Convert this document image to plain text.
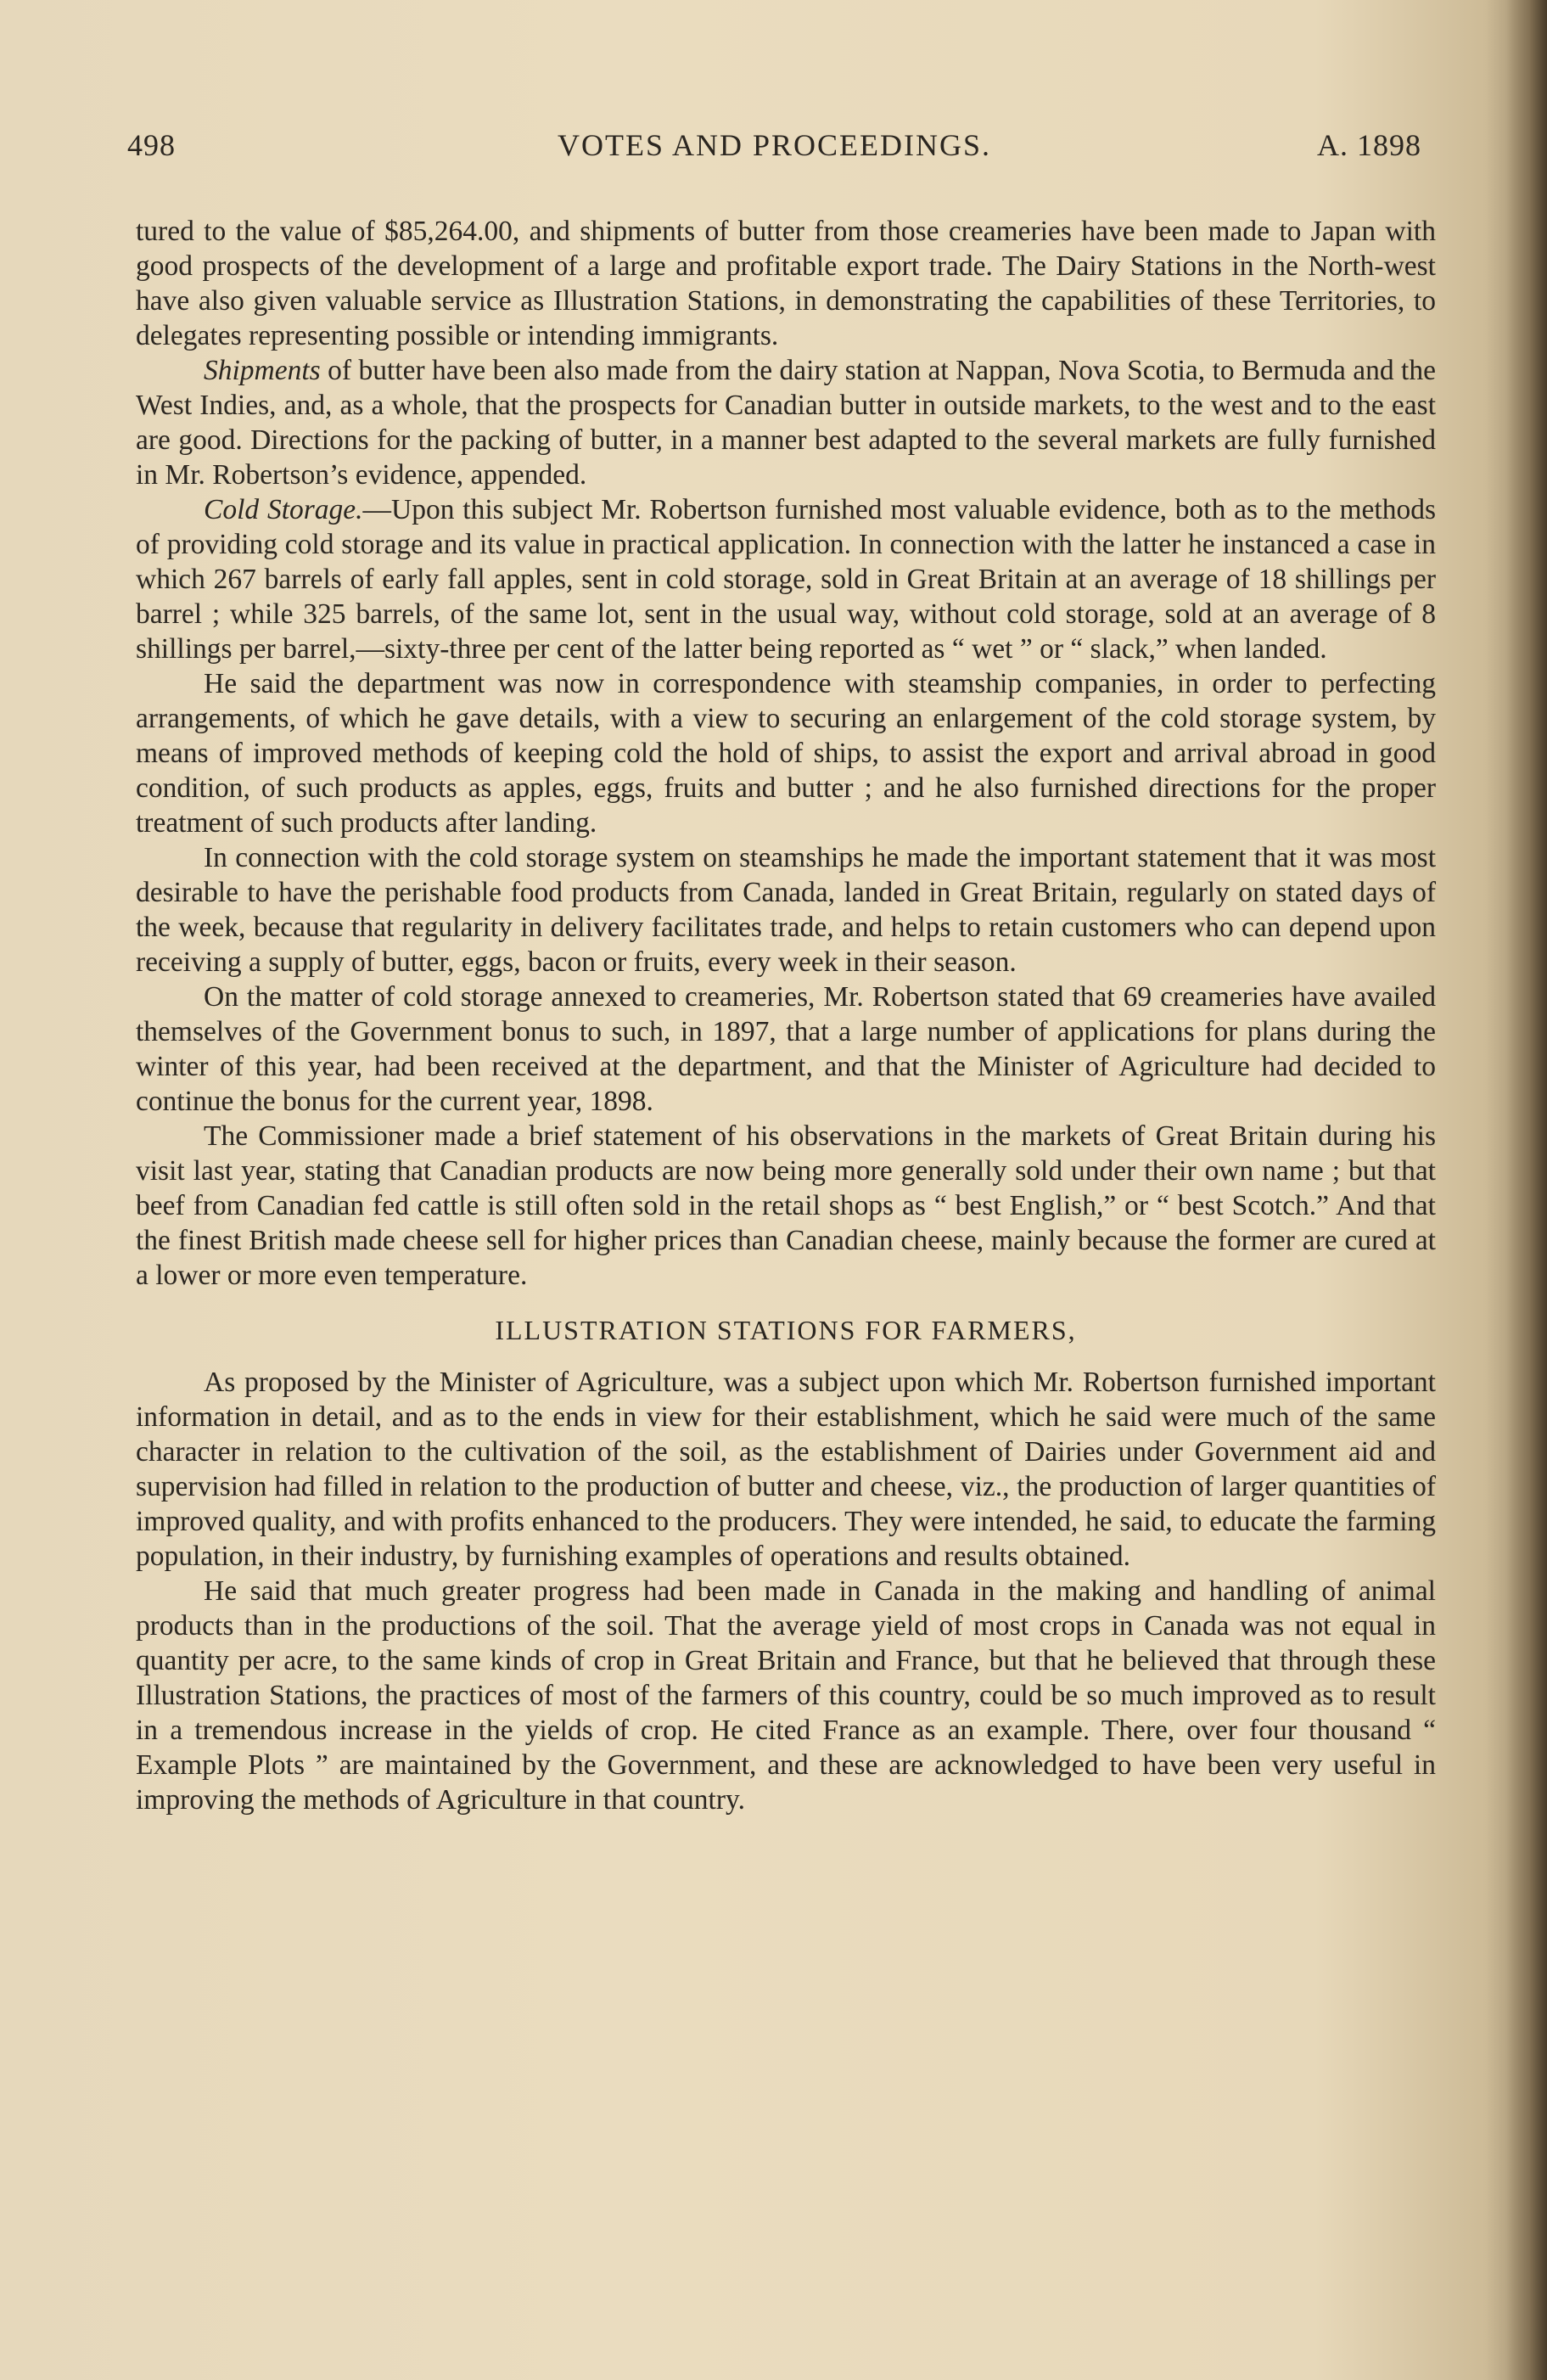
498	VOTES AND PROCEEDINGS.	A. 1898

tured to the value of $85,264.00, and shipments of butter from those creameries have been made to Japan with good prospects of the development of a large and profitable export trade. The Dairy Stations in the North-west have also given valuable service as Illustration Stations, in demonstrating the capabilities of these Territories, to delegates representing possible or intending immigrants.

Shipments of butter have been also made from the dairy station at Nappan, Nova Scotia, to Bermuda and the West Indies, and, as a whole, that the prospects for Canadian butter in outside markets, to the west and to the east are good. Directions for the packing of butter, in a manner best adapted to the several markets are fully furnished in Mr. Robertson’s evidence, appended.

Cold Storage.—Upon this subject Mr. Robertson furnished most valuable evidence, both as to the methods of providing cold storage and its value in practical application. In connection with the latter he instanced a case in which 267 barrels of early fall apples, sent in cold storage, sold in Great Britain at an average of 18 shillings per barrel ; while 325 barrels, of the same lot, sent in the usual way, without cold storage, sold at an average of 8 shillings per barrel,—sixty-three per cent of the latter being reported as “ wet ” or “ slack,” when landed.

He said the department was now in correspondence with steamship companies, in order to perfecting arrangements, of which he gave details, with a view to securing an enlargement of the cold storage system, by means of improved methods of keeping cold the hold of ships, to assist the export and arrival abroad in good condition, of such products as apples, eggs, fruits and butter ; and he also furnished directions for the proper treatment of such products after landing.

In connection with the cold storage system on steamships he made the important statement that it was most desirable to have the perishable food products from Canada, landed in Great Britain, regularly on stated days of the week, because that regularity in delivery facilitates trade, and helps to retain customers who can depend upon receiving a supply of butter, eggs, bacon or fruits, every week in their season.

On the matter of cold storage annexed to creameries, Mr. Robertson stated that 69 creameries have availed themselves of the Government bonus to such, in 1897, that a large number of applications for plans during the winter of this year, had been received at the department, and that the Minister of Agriculture had decided to continue the bonus for the current year, 1898.

The Commissioner made a brief statement of his observations in the markets of Great Britain during his visit last year, stating that Canadian products are now being more generally sold under their own name ; but that beef from Canadian fed cattle is still often sold in the retail shops as “ best English,” or “ best Scotch.” And that the finest British made cheese sell for higher prices than Canadian cheese, mainly because the former are cured at a lower or more even temperature.

ILLUSTRATION STATIONS FOR FARMERS,

As proposed by the Minister of Agriculture, was a subject upon which Mr. Robertson furnished important information in detail, and as to the ends in view for their establishment, which he said were much of the same character in relation to the cultivation of the soil, as the establishment of Dairies under Government aid and supervision had filled in relation to the production of butter and cheese, viz., the production of larger quantities of improved quality, and with profits enhanced to the producers. They were intended, he said, to educate the farming population, in their industry, by furnishing examples of operations and results obtained.

He said that much greater progress had been made in Canada in the making and handling of animal products than in the productions of the soil. That the average yield of most crops in Canada was not equal in quantity per acre, to the same kinds of crop in Great Britain and France, but that he believed that through these Illustration Stations, the practices of most of the farmers of this country, could be so much improved as to result in a tremendous increase in the yields of crop. He cited France as an example. There, over four thousand “ Example Plots ” are maintained by the Government, and these are acknowledged to have been very useful in improving the methods of Agriculture in that country.
